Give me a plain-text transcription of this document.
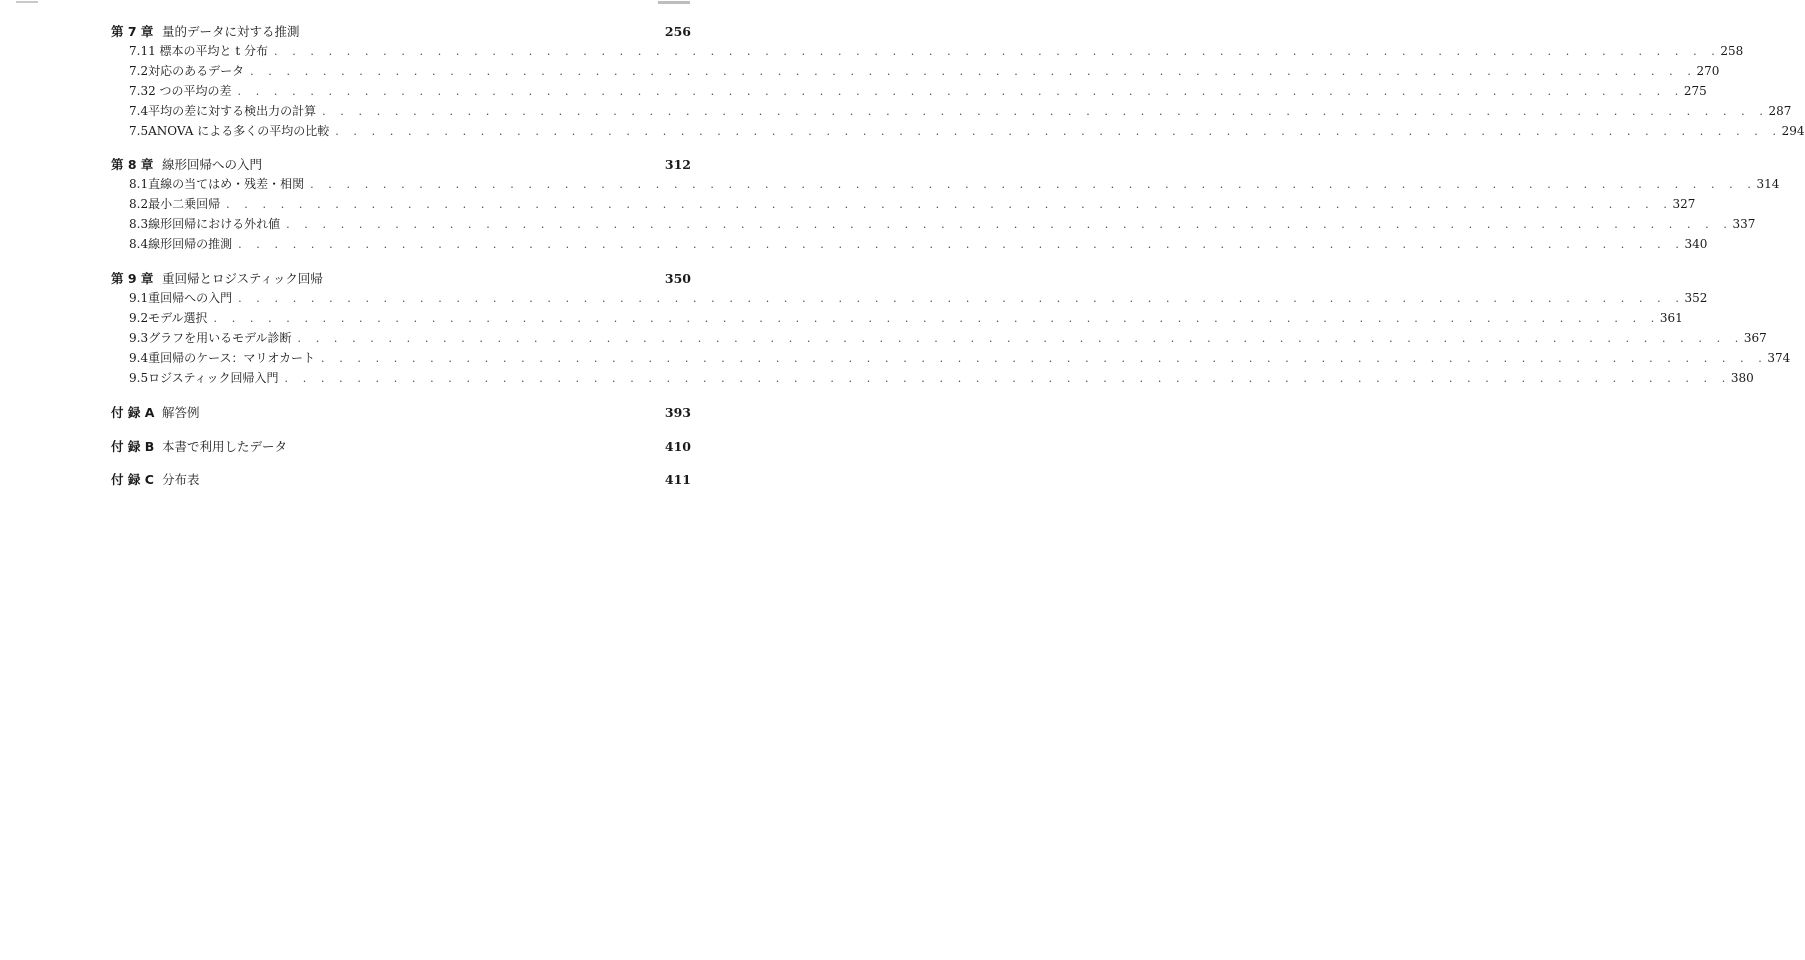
第 7 章 量的データに対する推測	256
7.1 1 標本の平均と t 分布 . . . . . . . . . . . . . . . . . . . . . . . . . . . . . . . . . . . . . . . . . . . . . . . . . . . . . . . . . . . . . . . . . . . . . . . . . . . . . . . . 258
7.2 対応のあるデータ . . . . . . . . . . . . . . . . . . . . . . . . . . . . . . . . . . . . . . . . . . . . . . . . . . . . . . . . . . . . . . . . . . . . . . . . . . . . . . . . 270
7.3 2 つの平均の差 . . . . . . . . . . . . . . . . . . . . . . . . . . . . . . . . . . . . . . . . . . . . . . . . . . . . . . . . . . . . . . . . . . . . . . . . . . . . . . . . 275
7.4 平均の差に対する検出力の計算 . . . . . . . . . . . . . . . . . . . . . . . . . . . . . . . . . . . . . . . . . . . . . . . . . . . . . . . . . . . . . . . . . . . . . . . . . . . . . . . . 287
7.5 ANOVA による多くの平均の比較 . . . . . . . . . . . . . . . . . . . . . . . . . . . . . . . . . . . . . . . . . . . . . . . . . . . . . . . . . . . . . . . . . . . . . . . . . . . . . . . . 294
第 8 章 線形回帰への入門	312
8.1 直線の当てはめ・残差・相関 . . . . . . . . . . . . . . . . . . . . . . . . . . . . . . . . . . . . . . . . . . . . . . . . . . . . . . . . . . . . . . . . . . . . . . . . . . . . . . . . 314
8.2 最小二乗回帰 . . . . . . . . . . . . . . . . . . . . . . . . . . . . . . . . . . . . . . . . . . . . . . . . . . . . . . . . . . . . . . . . . . . . . . . . . . . . . . . . 327
8.3 線形回帰における外れ値 . . . . . . . . . . . . . . . . . . . . . . . . . . . . . . . . . . . . . . . . . . . . . . . . . . . . . . . . . . . . . . . . . . . . . . . . . . . . . . . . 337
8.4 線形回帰の推測 . . . . . . . . . . . . . . . . . . . . . . . . . . . . . . . . . . . . . . . . . . . . . . . . . . . . . . . . . . . . . . . . . . . . . . . . . . . . . . . . 340
第 9 章 重回帰とロジスティック回帰	350
9.1 重回帰への入門 . . . . . . . . . . . . . . . . . . . . . . . . . . . . . . . . . . . . . . . . . . . . . . . . . . . . . . . . . . . . . . . . . . . . . . . . . . . . . . . . 352
9.2 モデル選択 . . . . . . . . . . . . . . . . . . . . . . . . . . . . . . . . . . . . . . . . . . . . . . . . . . . . . . . . . . . . . . . . . . . . . . . . . . . . . . . . 361
9.3 グラフを用いるモデル診断 . . . . . . . . . . . . . . . . . . . . . . . . . . . . . . . . . . . . . . . . . . . . . . . . . . . . . . . . . . . . . . . . . . . . . . . . . . . . . . . . 367
9.4 重回帰のケース：マリオカート . . . . . . . . . . . . . . . . . . . . . . . . . . . . . . . . . . . . . . . . . . . . . . . . . . . . . . . . . . . . . . . . . . . . . . . . . . . . . . . . 374
9.5 ロジスティック回帰入門 . . . . . . . . . . . . . . . . . . . . . . . . . . . . . . . . . . . . . . . . . . . . . . . . . . . . . . . . . . . . . . . . . . . . . . . . . . . . . . . . 380
付 録 A 解答例	393
付 録 B 本書で利用したデータ	410
付 録 C 分布表	411
